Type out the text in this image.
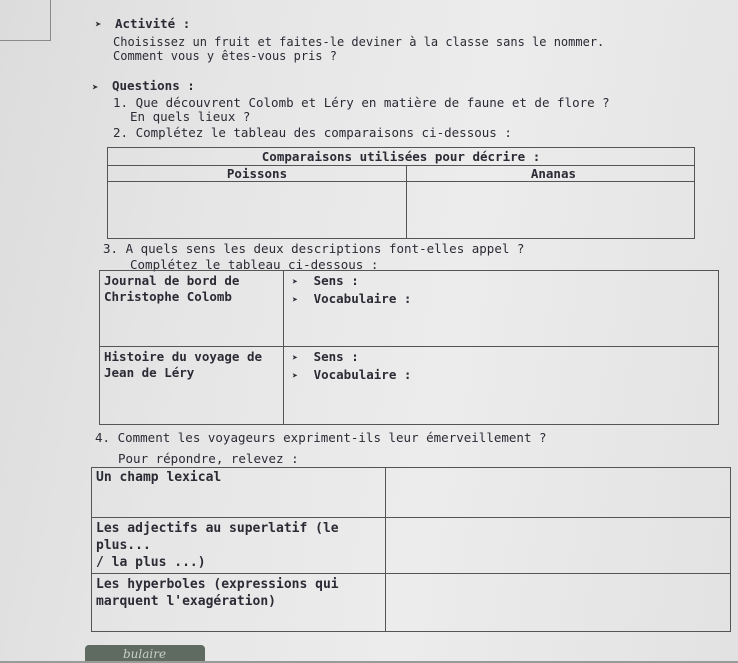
➤ Activité :
Choisissez un fruit et faites-le deviner à la classe sans le nommer.
Comment vous y êtes-vous pris ?
➤ Questions :
1. Que découvrent Colomb et Léry en matière de faune et de flore ?
En quels lieux ?
2. Complétez le tableau des comparaisons ci-dessous :
Comparaisons utilisées pour décrire :	
Poissons	Ananas

3. A quels sens les deux descriptions font-elles appel ?
Complétez le tableau ci-dessous :
Journal de bord de
Christophe Colomb	➤ Sens :
➤ Vocabulaire :
Histoire du voyage de
Jean de Léry	➤ Sens :
➤ Vocabulaire :
4. Comment les voyageurs expriment-ils leur émerveillement ?
Pour répondre, relevez :
Un champ lexical	
Les adjectifs au superlatif (le plus...
/ la plus ...)	
Les hyperboles (expressions qui
marquent l'exagération)	
bulaire
